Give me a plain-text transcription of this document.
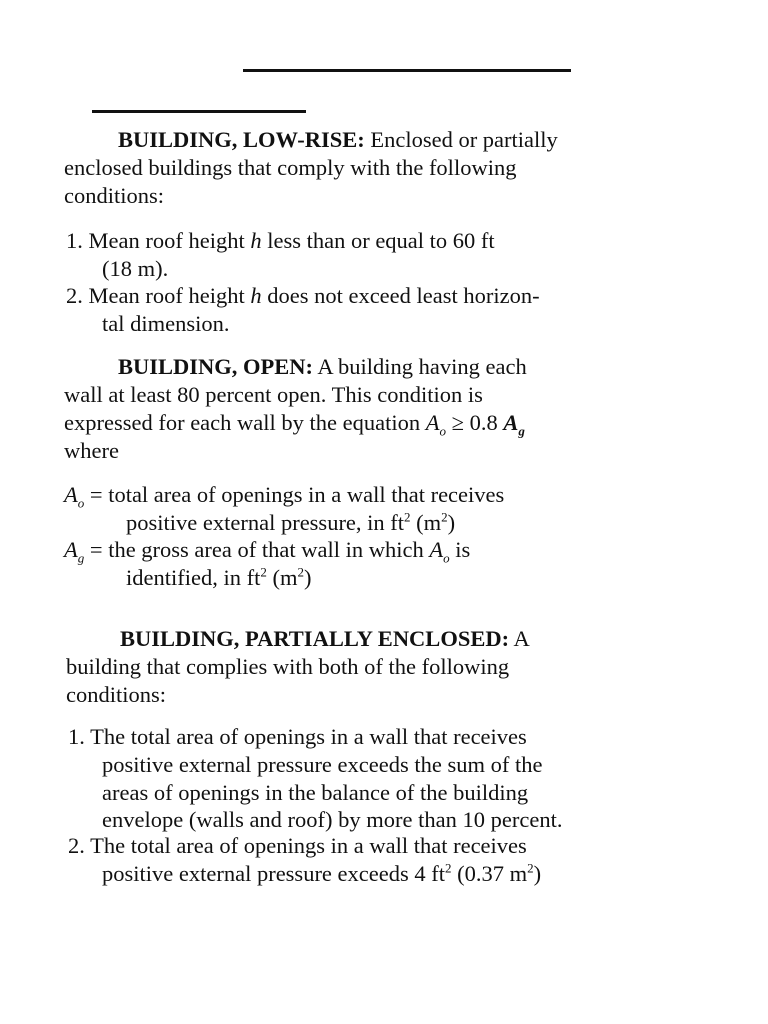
BUILDING, LOW-RISE: Enclosed or partially
enclosed buildings that comply with the following
conditions:
1. Mean roof height h less than or equal to 60 ft
(18 m).
2. Mean roof height h does not exceed least horizon-
tal dimension.
BUILDING, OPEN: A building having each
wall at least 80 percent open. This condition is
expressed for each wall by the equation $A_o \ge 0.8$ $A_g$
where
$A_o$ = total area of openings in a wall that receives
positive external pressure, in $ft^2$ $(m^2)$
$A_g$ = the gross area of that wall in which $A_o$ is
identified, in $ft^2$ $(m^2)$
BUILDING, PARTIALLY ENCLOSED: A
building that complies with both of the following
conditions:
1. The total area of openings in a wall that receives
positive external pressure exceeds the sum of the
areas of openings in the balance of the building
envelope (walls and roof) by more than 10 percent.
2. The total area of openings in a wall that receives
positive external pressure exceeds 4 $ft^2$ (0.37 $m^2$)
